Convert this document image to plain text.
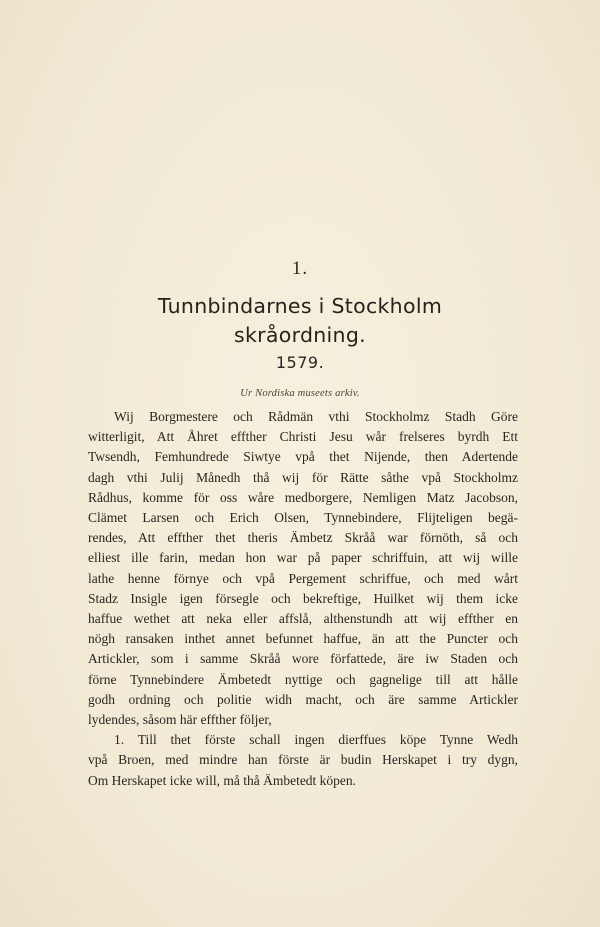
1.
Tunnbindarnes i Stockholm
skråordning.
1579.
Ur Nordiska museets arkiv.
Wij Borgmestere och Rådmän vthi Stockholmz Stadh Göre
witterligit, Att Åhret effther Christi Jesu wår frelseres byrdh Ett
Twsendh, Femhundrede Siwtye vpå thet Nijende, then Adertende
dagh vthi Julij Månedh thå wij för Rätte såthe vpå Stockholmz
Rådhus, komme för oss wåre medborgere, Nemligen Matz Jacobson,
Clämet Larsen och Erich Olsen, Tynnebindere, Flijteligen begä-
rendes, Att effther thet theris Ämbetz Skråå war förnöth, så och
elliest ille farin, medan hon war på paper schriffuin, att wij wille
lathe henne förnye och vpå Pergement schriffue, och med wårt
Stadz Insigle igen försegle och bekreftige, Huilket wij them icke
haffue wethet att neka eller affslå, althenstundh att wij effther en
nögh ransaken inthet annet befunnet haffue, än att the Puncter och
Artickler, som i samme Skråå wore författede, äre iw Staden och
förne Tynnebindere Ämbetedt nyttige och gagnelige till att hålle
godh ordning och politie widh macht, och äre samme Artickler
lydendes, såsom här effther följer,
1. Till thet förste schall ingen dierffues köpe Tynne Wedh
vpå Broen, med mindre han förste är budin Herskapet i try dygn,
Om Herskapet icke will, må thå Ämbetedt köpen.
